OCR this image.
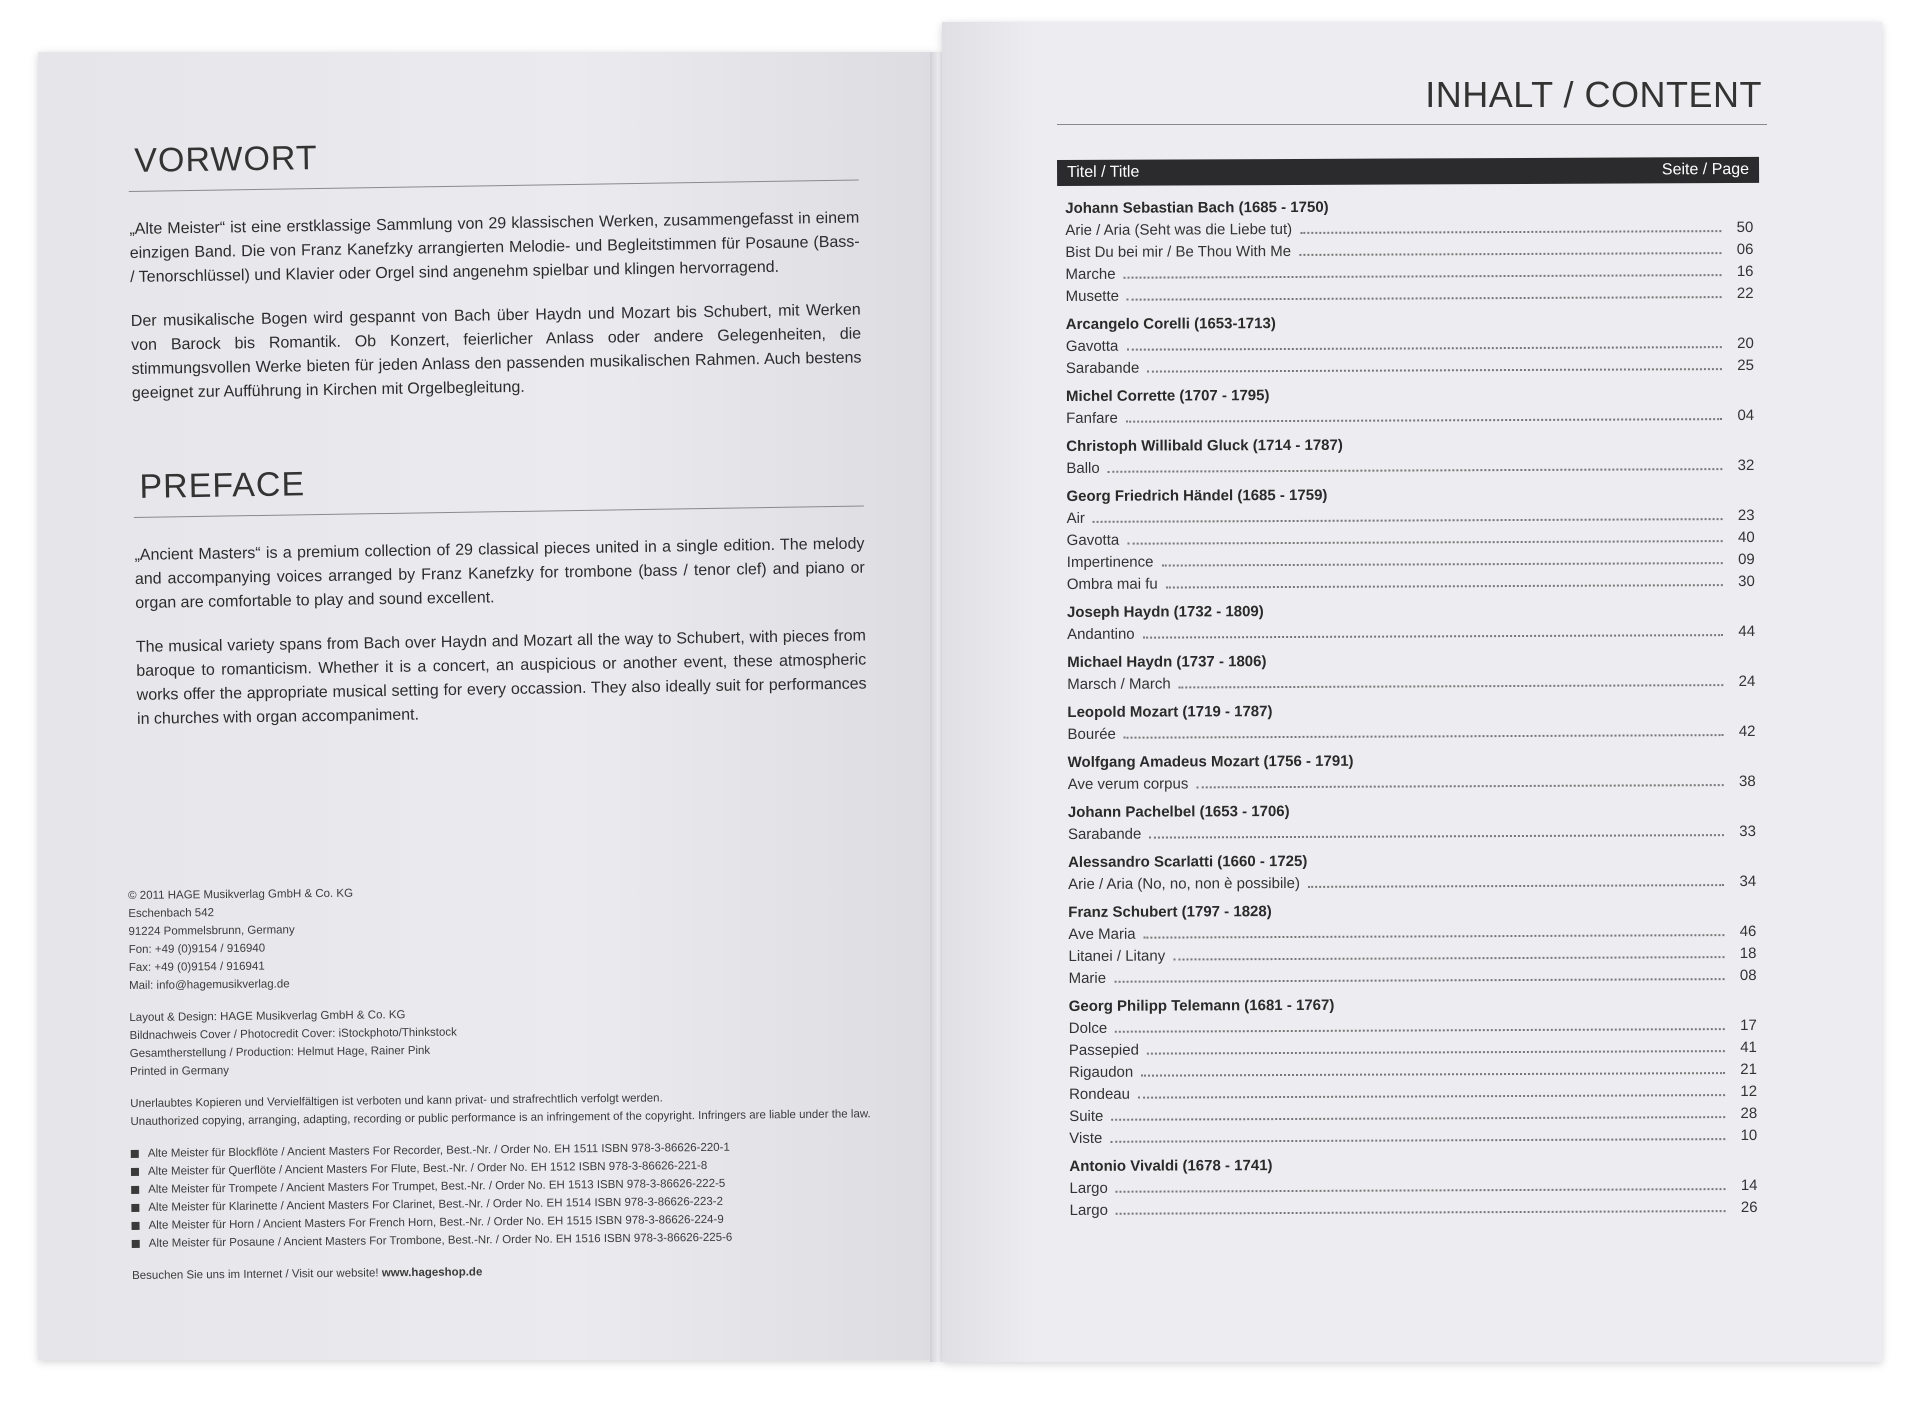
VORWORT

„Alte Meister“ ist eine erstklassige Sammlung von 29 klassischen Werken, zusammengefasst in einem einzigen Band. Die von Franz Kanefzky arrangierten Melodie- und Begleitstimmen für Posaune (Bass- / Tenorschlüssel) und Klavier oder Orgel sind angenehm spielbar und klingen hervorragend.

Der musikalische Bogen wird gespannt von Bach über Haydn und Mozart bis Schubert, mit Werken von Barock bis Romantik. Ob Konzert, feierlicher Anlass oder andere Gelegenheiten, die stimmungsvollen Werke bieten für jeden Anlass den passenden musikalischen Rahmen. Auch bestens geeignet zur Aufführung in Kirchen mit Orgelbegleitung.

PREFACE

„Ancient Masters“ is a premium collection of 29 classical pieces united in a single edition. The melody and accompanying voices arranged by Franz Kanefzky for trombone (bass / tenor clef) and piano or organ are comfortable to play and sound excellent.

The musical variety spans from Bach over Haydn and Mozart all the way to Schubert, with pieces from baroque to romanticism. Whether it is a concert, an auspicious or another event, these atmospheric works offer the appropriate musical setting for every occassion. They also ideally suit for performances in churches with organ accompaniment.

© 2011 HAGE Musikverlag GmbH & Co. KG
Eschenbach 542
91224 Pommelsbrunn, Germany
Fon: +49 (0)9154 / 916940
Fax: +49 (0)9154 / 916941
Mail: info@hagemusikverlag.de
Layout & Design: HAGE Musikverlag GmbH & Co. KG
Bildnachweis Cover / Photocredit Cover: iStockphoto/Thinkstock
Gesamtherstellung / Production: Helmut Hage, Rainer Pink
Printed in Germany
Unerlaubtes Kopieren und Vervielfältigen ist verboten und kann privat- und strafrechtlich verfolgt werden.
Unauthorized copying, arranging, adapting, recording or public performance is an infringement of the copyright. Infringers are liable under the law.
Alte Meister für Blockflöte / Ancient Masters For Recorder, Best.-Nr. / Order No. EH 1511 ISBN 978-3-86626-220-1
Alte Meister für Querflöte / Ancient Masters For Flute, Best.-Nr. / Order No. EH 1512 ISBN 978-3-86626-221-8
Alte Meister für Trompete / Ancient Masters For Trumpet, Best.-Nr. / Order No. EH 1513 ISBN 978-3-86626-222-5
Alte Meister für Klarinette / Ancient Masters For Clarinet, Best.-Nr. / Order No. EH 1514 ISBN 978-3-86626-223-2
Alte Meister für Horn / Ancient Masters For French Horn, Best.-Nr. / Order No. EH 1515 ISBN 978-3-86626-224-9
Alte Meister für Posaune / Ancient Masters For Trombone, Best.-Nr. / Order No. EH 1516 ISBN 978-3-86626-225-6
Besuchen Sie uns im Internet / Visit our website! www.hageshop.de
INHALT / CONTENT
Titel / Title	Seite / Page
Johann Sebastian Bach (1685 - 1750)
Arie / Aria (Seht was die Liebe tut)	50
Bist Du bei mir / Be Thou With Me	06
Marche	16
Musette	22
Arcangelo Corelli (1653-1713)
Gavotta	20
Sarabande	25
Michel Corrette (1707 - 1795)
Fanfare	04
Christoph Willibald Gluck (1714 - 1787)
Ballo	32
Georg Friedrich Händel (1685 - 1759)
Air	23
Gavotta	40
Impertinence	09
Ombra mai fu	30
Joseph Haydn (1732 - 1809)
Andantino	44
Michael Haydn (1737 - 1806)
Marsch / March	24
Leopold Mozart (1719 - 1787)
Bourée	42
Wolfgang Amadeus Mozart (1756 - 1791)
Ave verum corpus	38
Johann Pachelbel (1653 - 1706)
Sarabande	33
Alessandro Scarlatti (1660 - 1725)
Arie / Aria (No, no, non è possibile)	34
Franz Schubert (1797 - 1828)
Ave Maria	46
Litanei / Litany	18
Marie	08
Georg Philipp Telemann (1681 - 1767)
Dolce	17
Passepied	41
Rigaudon	21
Rondeau	12
Suite	28
Viste	10
Antonio Vivaldi (1678 - 1741)
Largo	14
Largo	26
